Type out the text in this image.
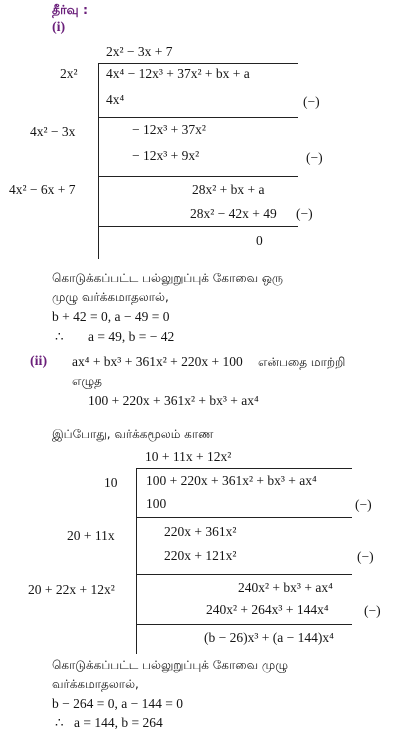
தீர்வு :
(i)
2x² − 3x + 7
2x² 4x⁴ − 12x³ + 37x² + bx + a
4x⁴	(−)
4x² − 3x	− 12x³ + 37x²
− 12x³ + 9x²	(−)
4x² − 6x + 7	28x² + bx + a
28x² − 42x + 49 (−)
0
கொடுக்கப்பட்ட பல்லுறுப்புக் கோவை ஒரு
முழு வர்க்கமாதலால்,
b + 42 = 0, a − 49 = 0
∴ a = 49, b = − 42
(ii) ax⁴ + bx³ + 361x² + 220x + 100 என்பதை மாற்றி
எழுத
100 + 220x + 361x² + bx³ + ax⁴
இப்போது, வர்க்கமூலம் காண
10 + 11x + 12x²
10 100 + 220x + 361x² + bx³ + ax⁴
100	(−)
20 + 11x	220x + 361x²
220x + 121x²	(−)
20 + 22x + 12x²	240x² + bx³ + ax⁴
240x² + 264x³ + 144x⁴	(−)
(b − 26)x³ + (a − 144)x⁴
கொடுக்கப்பட்ட பல்லுறுப்புக் கோவை முழு
வர்க்கமாதலால்,
b − 264 = 0, a − 144 = 0
∴ a = 144, b = 264
